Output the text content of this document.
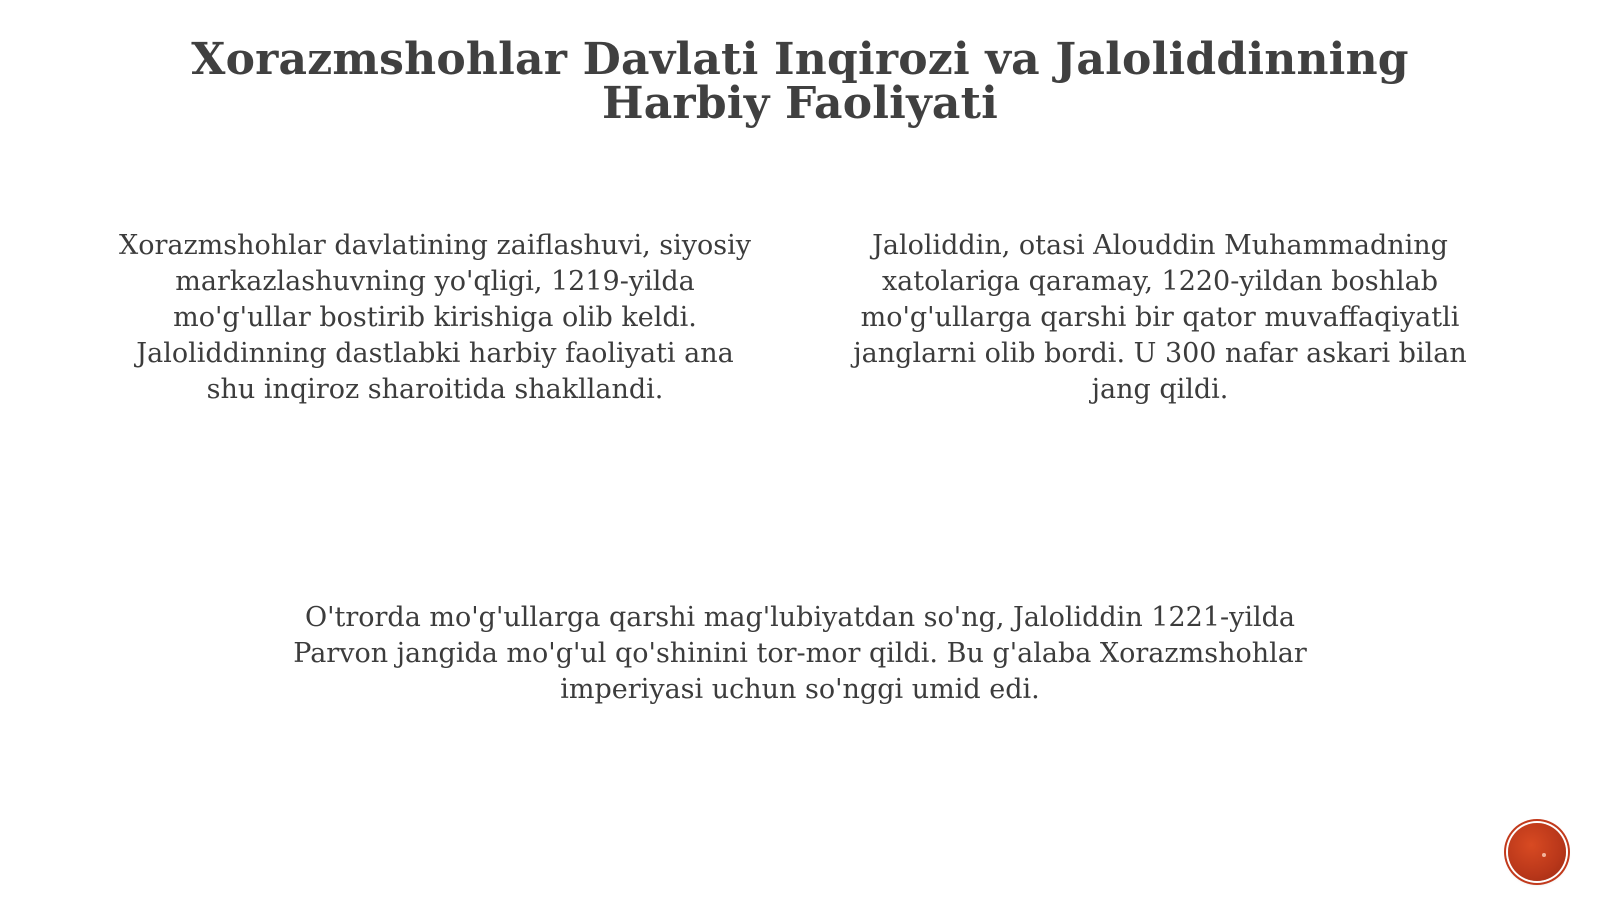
Xorazmshohlar Davlati Inqirozi va Jaloliddinning Harbiy Faoliyati

Xorazmshohlar davlatining zaiflashuvi, siyosiy markazlashuvning yo'qligi, 1219-yilda mo'g'ullar bostirib kirishiga olib keldi. Jaloliddinning dastlabki harbiy faoliyati ana shu inqiroz sharoitida shakllandi.

Jaloliddin, otasi Alouddin Muhammadning xatolariga qaramay, 1220-yildan boshlab mo'g'ullarga qarshi bir qator muvaffaqiyatli janglarni olib bordi. U 300 nafar askari bilan jang qildi.

O'trorda mo'g'ullarga qarshi mag'lubiyatdan so'ng, Jaloliddin 1221-yilda Parvon jangida mo'g'ul qo'shinini tor-mor qildi. Bu g'alaba Xorazmshohlar imperiyasi uchun so'nggi umid edi.
